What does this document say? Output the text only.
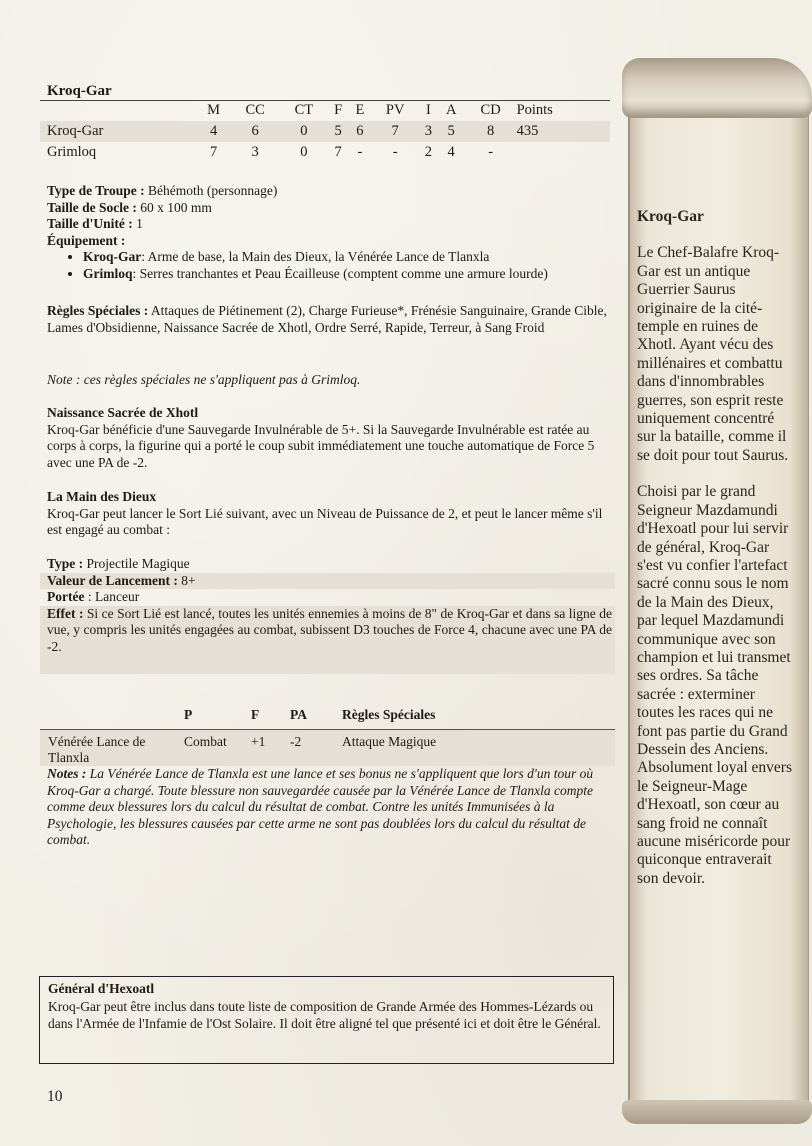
Kroq-Gar

Le Chef-Balafre Kroq-Gar est un antique Guerrier Saurus originaire de la cité-temple en ruines de Xhotl. Ayant vécu des millénaires et combattu dans d'innombrables guerres, son esprit reste uniquement concentré sur la bataille, comme il se doit pour tout Saurus.

Choisi par le grand Seigneur Mazdamundi d'Hexoatl pour lui servir de général, Kroq-Gar s'est vu confier l'artefact sacré connu sous le nom de la Main des Dieux, par lequel Mazdamundi communique avec son champion et lui transmet ses ordres. Sa tâche sacrée : exterminer toutes les races qui ne font pas partie du Grand Dessein des Anciens. Absolument loyal envers le Seigneur-Mage d'Hexoatl, son cœur au sang froid ne connaît aucune miséricorde pour quiconque entraverait son devoir.

Kroq-Gar
	M	CC	CT	F	E	PV	I	A	CD	Points
Kroq-Gar	4	6	0	5	6	7	3	5	8	435
Grimloq	7	3	0	7	-	-	2	4	-	
Type de Troupe : Béhémoth (personnage)
Taille de Socle : 60 x 100 mm
Taille d'Unité : 1
Équipement :
• Kroq-Gar: Arme de base, la Main des Dieux, la Vénérée Lance de Tlanxla
• Grimloq: Serres tranchantes et Peau Écailleuse (comptent comme une armure lourde)
Règles Spéciales : Attaques de Piétinement (2), Charge Furieuse*, Frénésie Sanguinaire, Grande Cible, Lames d'Obsidienne, Naissance Sacrée de Xhotl, Ordre Serré, Rapide, Terreur, à Sang Froid
Note : ces règles spéciales ne s'appliquent pas à Grimloq.
Naissance Sacrée de Xhotl
Kroq-Gar bénéficie d'une Sauvegarde Invulnérable de 5+. Si la Sauvegarde Invulnérable est ratée au corps à corps, la figurine qui a porté le coup subit immédiatement une touche automatique de Force 5 avec une PA de -2.
La Main des Dieux
Kroq-Gar peut lancer le Sort Lié suivant, avec un Niveau de Puissance de 2, et peut le lancer même s'il est engagé au combat :
Type : Projectile Magique
Valeur de Lancement : 8+
Portée : Lanceur
Effet : Si ce Sort Lié est lancé, toutes les unités ennemies à moins de 8" de Kroq-Gar et dans sa ligne de vue, y compris les unités engagées au combat, subissent D3 touches de Force 4, chacune avec une PA de -2.
	P	F	PA	Règles Spéciales
Vénérée Lance de Tlanxla	Combat	+1	-2	Attaque Magique
Notes : La Vénérée Lance de Tlanxla est une lance et ses bonus ne s'appliquent que lors d'un tour où Kroq-Gar a chargé. Toute blessure non sauvegardée causée par la Vénérée Lance de Tlanxla compte comme deux blessures lors du calcul du résultat de combat. Contre les unités Immunisées à la Psychologie, les blessures causées par cette arme ne sont pas doublées lors du calcul du résultat de combat.
Général d'Hexoatl
Kroq-Gar peut être inclus dans toute liste de composition de Grande Armée des Hommes-Lézards ou dans l'Armée de l'Infamie de l'Ost Solaire. Il doit être aligné tel que présenté ici et doit être le Général.
10
